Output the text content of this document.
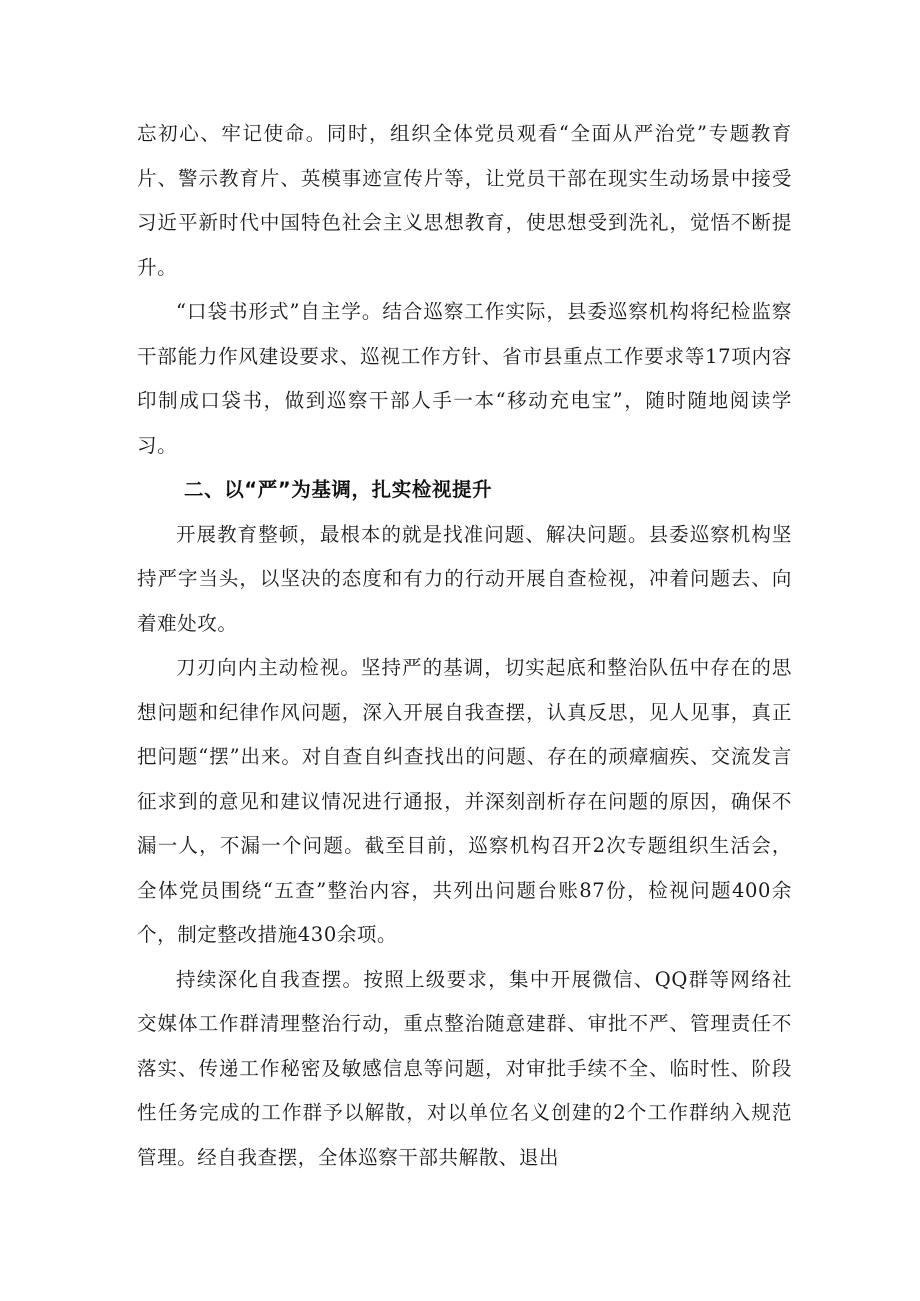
忘初心、牢记使命。同时，组织全体党员观看“全面从严治党”专题教育片、警示教育片、英模事迹宣传片等，让党员干部在现实生动场景中接受习近平新时代中国特色社会主义思想教育，使思想受到洗礼，觉悟不断提升。

“口袋书形式”自主学。结合巡察工作实际，县委巡察机构将纪检监察干部能力作风建设要求、巡视工作方针、省市县重点工作要求等17项内容印制成口袋书，做到巡察干部人手一本“移动充电宝”，随时随地阅读学习。

二、以“严”为基调，扎实检视提升

开展教育整顿，最根本的就是找准问题、解决问题。县委巡察机构坚持严字当头，以坚决的态度和有力的行动开展自查检视，冲着问题去、向着难处攻。

刀刃向内主动检视。坚持严的基调，切实起底和整治队伍中存在的思想问题和纪律作风问题，深入开展自我查摆，认真反思，见人见事，真正把问题“摆”出来。对自查自纠查找出的问题、存在的顽瘴痼疾、交流发言征求到的意见和建议情况进行通报，并深刻剖析存在问题的原因，确保不漏一人，不漏一个问题。截至目前，巡察机构召开2次专题组织生活会，全体党员围绕“五查”整治内容，共列出问题台账87份，检视问题400余个，制定整改措施430余项。

持续深化自我查摆。按照上级要求，集中开展微信、QQ群等网络社交媒体工作群清理整治行动，重点整治随意建群、审批不严、管理责任不落实、传递工作秘密及敏感信息等问题，对审批手续不全、临时性、阶段性任务完成的工作群予以解散，对以单位名义创建的2个工作群纳入规范管理。经自我查摆，全体巡察干部共解散、退出
